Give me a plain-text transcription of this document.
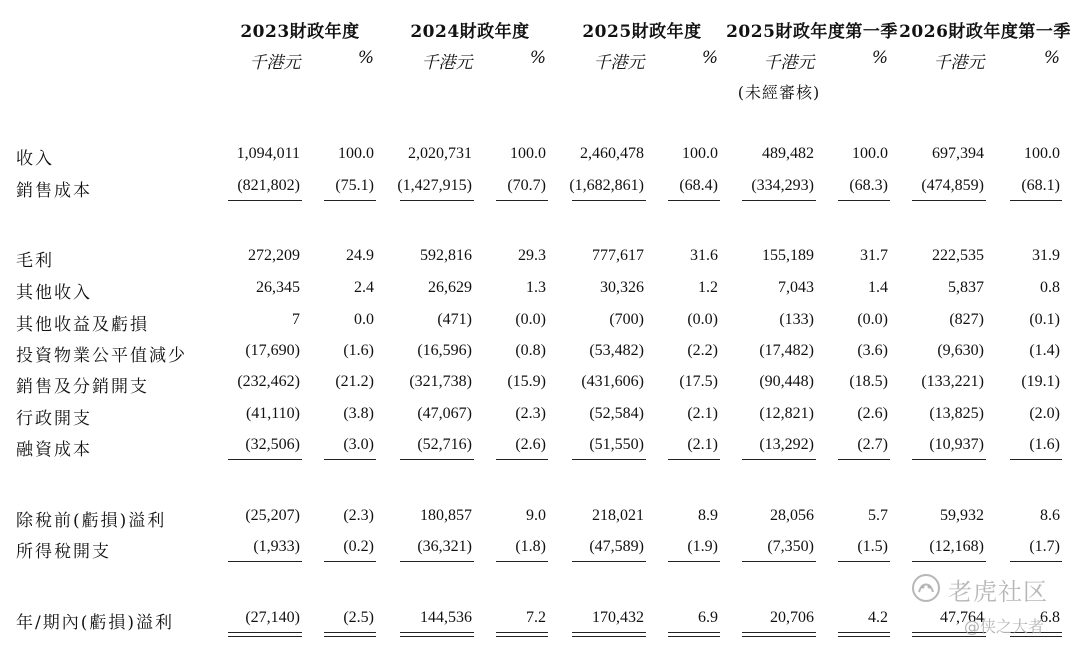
2023財政年度
千港元	%
2024財政年度
千港元	%
2025財政年度
千港元	%
2025財政年度第一季
千港元	%
(未經審核)
2026財政年度第一季
千港元	%
收入	1,094,011	100.0	2,020,731	100.0	2,460,478	100.0	489,482	100.0	697,394	100.0
銷售成本	(821,802)	(75.1)	(1,427,915)	(70.7)	(1,682,861)	(68.4)	(334,293)	(68.3)	(474,859)	(68.1)
毛利	272,209	24.9	592,816	29.3	777,617	31.6	155,189	31.7	222,535	31.9
其他收入	26,345	2.4	26,629	1.3	30,326	1.2	7,043	1.4	5,837	0.8
其他收益及虧損	7	0.0	(471)	(0.0)	(700)	(0.0)	(133)	(0.0)	(827)	(0.1)
投資物業公平值減少	(17,690)	(1.6)	(16,596)	(0.8)	(53,482)	(2.2)	(17,482)	(3.6)	(9,630)	(1.4)
銷售及分銷開支	(232,462)	(21.2)	(321,738)	(15.9)	(431,606)	(17.5)	(90,448)	(18.5)	(133,221)	(19.1)
行政開支	(41,110)	(3.8)	(47,067)	(2.3)	(52,584)	(2.1)	(12,821)	(2.6)	(13,825)	(2.0)
融資成本	(32,506)	(3.0)	(52,716)	(2.6)	(51,550)	(2.1)	(13,292)	(2.7)	(10,937)	(1.6)
除稅前(虧損)溢利	(25,207)	(2.3)	180,857	9.0	218,021	8.9	28,056	5.7	59,932	8.6
所得稅開支	(1,933)	(0.2)	(36,321)	(1.8)	(47,589)	(1.9)	(7,350)	(1.5)	(12,168)	(1.7)
年/期內(虧損)溢利	(27,140)	(2.5)	144,536	7.2	170,432	6.9	20,706	4.2	47,764	6.8
老虎社区
@侠之大者
